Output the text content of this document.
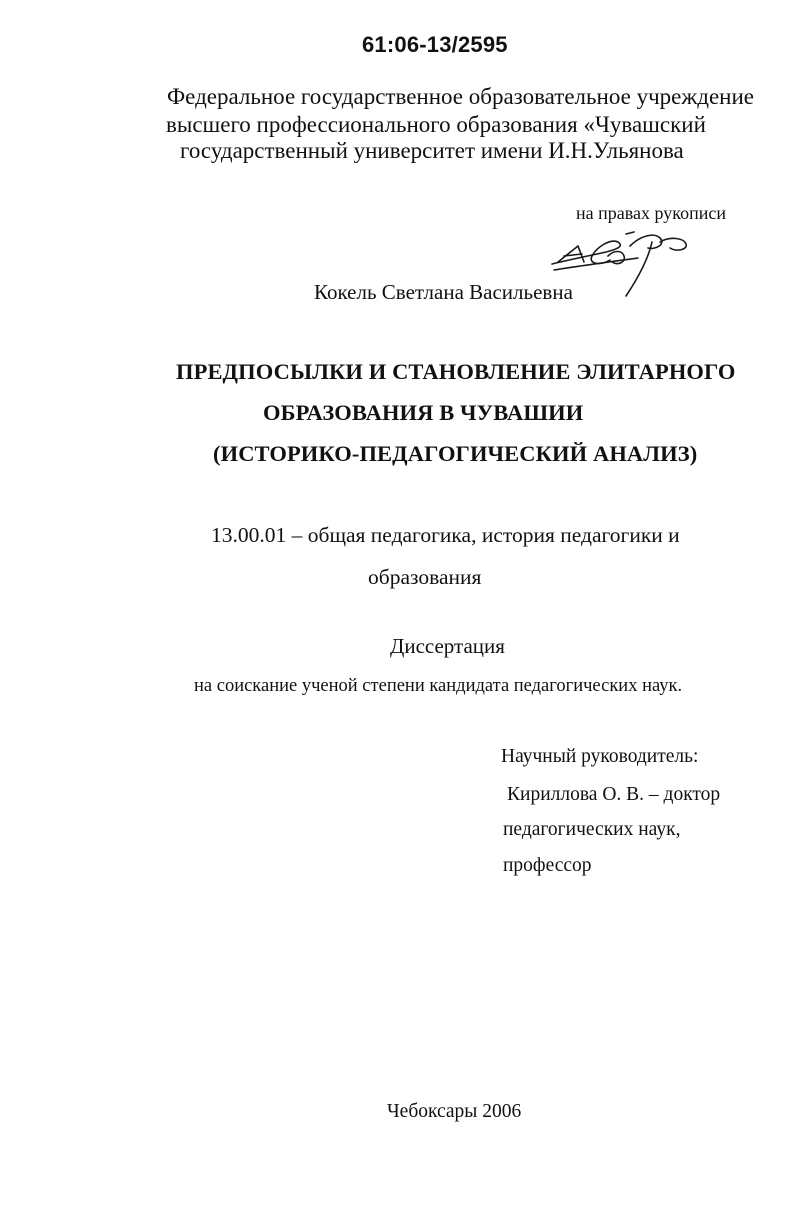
61:06-13/2595
Федеральное государственное образовательное учреждение
высшего профессионального образования «Чувашский
государственный университет имени И.Н.Ульянова
на правах рукописи
Кокель Светлана Васильевна
ПРЕДПОСЫЛКИ И СТАНОВЛЕНИЕ ЭЛИТАРНОГО
ОБРАЗОВАНИЯ В ЧУВАШИИ
(ИСТОРИКО-ПЕДАГОГИЧЕСКИЙ АНАЛИЗ)
13.00.01 – общая педагогика, история педагогики и
образования
Диссертация
на соискание ученой степени кандидата педагогических наук.
Научный руководитель:
Кириллова О. В. – доктор
педагогических наук,
профессор
Чебоксары 2006
